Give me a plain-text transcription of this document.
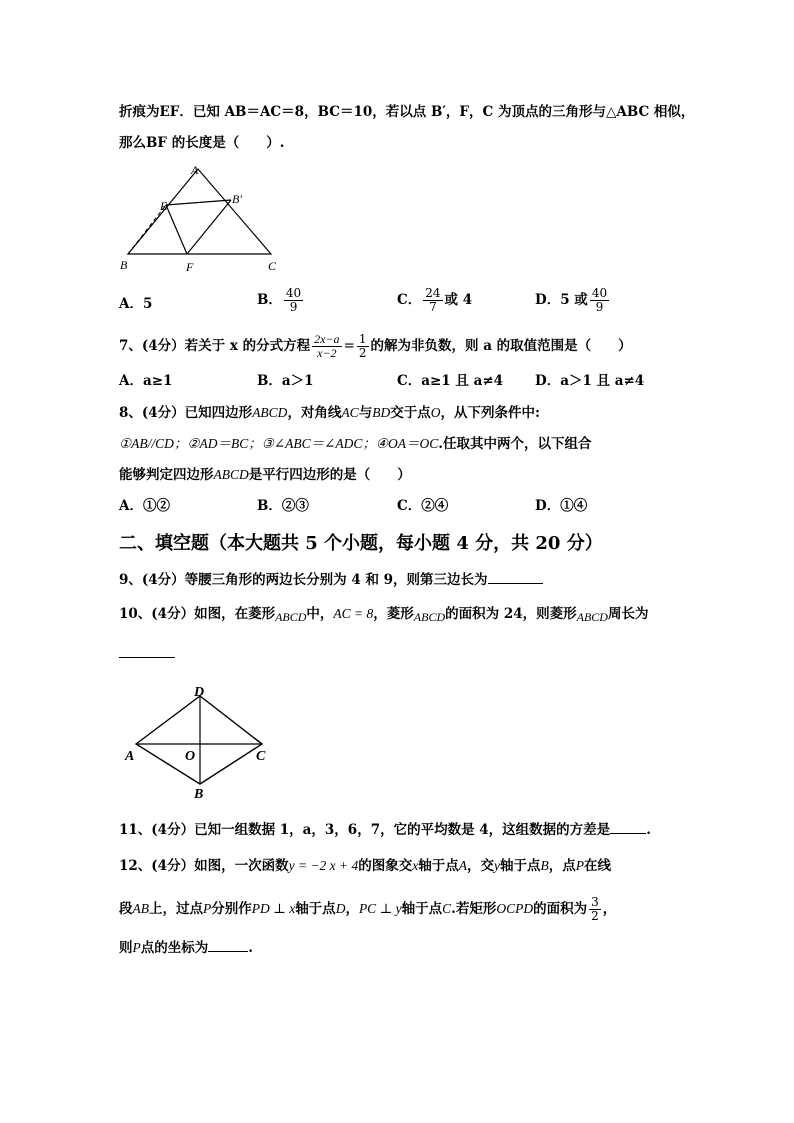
折痕为EF．已知 AB＝AC＝8，BC＝10，若以点 B′，F，C 为顶点的三角形与△ABC 相似，
那么BF 的长度是（　　）.
A
E	B′
B	F	C
A．5	B． $\frac{40}{9}$	C． $\frac{24}{7}$ 或 4	D．5 或 $\frac{40}{9}$
7、(4分）若关于 x 的分式方程 $\frac{2x-a}{x-2} = \frac{1}{2}$ 的解为非负数，则 a 的取值范围是（　　）
A．a≥1	B．a＞1	C．a≥1 且 a≠4 D．a＞1 且 a≠4
8、(4分）已知四边形ABCD，对角线AC与BD交于点O，从下列条件中:
①AB//CD；②AD＝BC；③∠ABC＝∠ADC；④OA＝OC.任取其中两个，以下组合
能够判定四边形ABCD是平行四边形的是（　　）
A．①②	B．②③	C．②④	D．①④
二、填空题（本大题共 5 个小题，每小题 4 分，共 20 分）
9、(4分）等腰三角形的两边长分别为 4 和 9，则第三边长为
10、(4分）如图，在菱形ABCD中，AC = 8，菱形ABCD的面积为 24，则菱形ABCD周长为
D
A	O	C
B
11、(4分）已知一组数据 1，a，3，6，7，它的平均数是 4，这组数据的方差是	.
12、(4分）如图，一次函数y = −2 x + 4的图象交x轴于点A，交y轴于点B，点P在线
段AB上，过点P分别作PD ⊥ x轴于点D，PC ⊥ y轴于点C.若矩形OCPD的面积为 $\frac{3}{2}$ ，
则P点的坐标为	.
